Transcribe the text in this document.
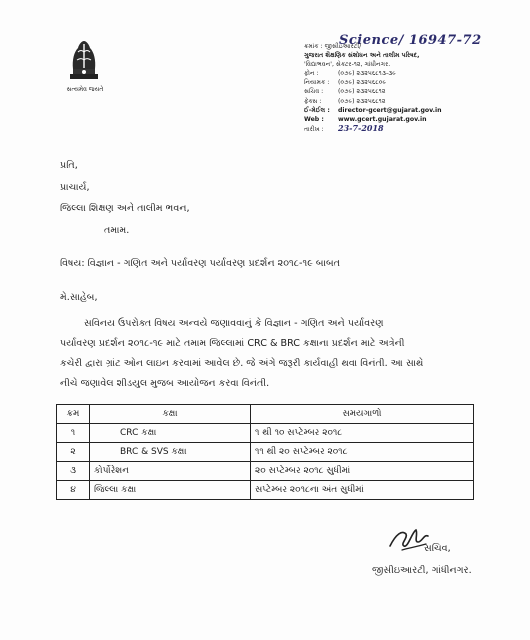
સત્યમેવ જયતે
Science/ 16947-72
ક્રમાંક : જીસીઇઆરટી/
ગુજરાત શૈક્ષણિક સંશોધન અને તાલીમ પરિષદ,
'વિદ્યાભવન', સેક્ટર-૧૨, ગાંધીનગર.
ફોન :	(૦૭૯) ૨૩૨૫૬૮૧૩-૩૯
નિયામક : (૦૭૯) ૨૩૨૫૬૮૦૯
સચિવ : (૦૭૯) ૨૩૨૫૬૮૧૨
ફેક્સ :	(૦૭૯) ૨૩૨૫૬૮૧૨
ઈ-મેઈલ : director-gcert@gujarat.gov.in
Web : www.gcert.gujarat.gov.in
તારીખ : 23-7-2018
પ્રતિ,
પ્રાચાર્ય,
જિલ્લા શિક્ષણ અને તાલીમ ભવન,
તમામ.
વિષય: વિજ્ઞાન - ગણિત અને પર્યાવરણ પર્યાવરણ પ્રદર્શન ૨૦૧૮-૧૯ બાબત
મે.સાહેબ,
સવિનય ઉપરોક્ત વિષય અન્વયે જણાવવાનું કે વિજ્ઞાન - ગણિત અને પર્યાવરણ
પર્યાવરણ પ્રદર્શન ૨૦૧૮-૧૯ માટે તમામ જિલ્લામાં CRC & BRC કક્ષાના પ્રદર્શન માટે અત્રેની
કચેરી દ્વારા ગ્રાંટ ઓન લાઇન કરવામાં આવેલ છે. જે અંગે જરૂરી કાર્યવાહી થવા વિનંતી. આ સાથે
નીચે જણાવેલ શીડયુલ મુજબ આયોજન કરવા વિનંતી.
ક્રમ	કક્ષા	સમયગાળો
૧	CRC કક્ષા	૧ થી ૧૦ સપ્ટેમ્બર ૨૦૧૮
૨	BRC & SVS કક્ષા	૧૧ થી ૨૦ સપ્ટેમ્બર ૨૦૧૮
૩	કોર્પોરેશન	૨૦ સપ્ટેમ્બર ૨૦૧૮ સુધીમાં
૪	જિલ્લા કક્ષા	સપ્ટેમ્બર ૨૦૧૮ના અંત સુધીમાં
સચિવ,
જીસીઇઆરટી, ગાંધીનગર.
